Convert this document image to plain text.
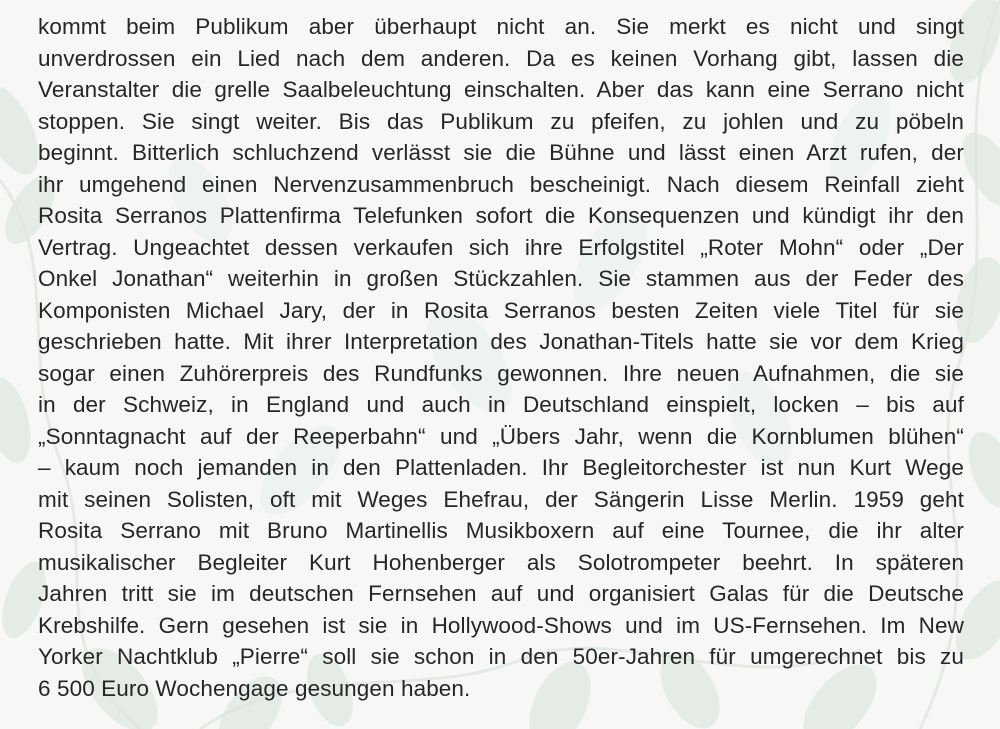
kommt beim Publikum aber überhaupt nicht an. Sie merkt es nicht und singt
unverdrossen ein Lied nach dem anderen. Da es keinen Vorhang gibt, lassen die
Veranstalter die grelle Saalbeleuchtung einschalten. Aber das kann eine Serrano nicht
stoppen. Sie singt weiter. Bis das Publikum zu pfeifen, zu johlen und zu pöbeln
beginnt. Bitterlich schluchzend verlässt sie die Bühne und lässt einen Arzt rufen, der
ihr umgehend einen Nervenzusammenbruch bescheinigt. Nach diesem Reinfall zieht
Rosita Serranos Plattenfirma Telefunken sofort die Konsequenzen und kündigt ihr den
Vertrag. Ungeachtet dessen verkaufen sich ihre Erfolgstitel „Roter Mohn“ oder „Der
Onkel Jonathan“ weiterhin in großen Stückzahlen. Sie stammen aus der Feder des
Komponisten Michael Jary, der in Rosita Serranos besten Zeiten viele Titel für sie
geschrieben hatte. Mit ihrer Interpretation des Jonathan-Titels hatte sie vor dem Krieg
sogar einen Zuhörerpreis des Rundfunks gewonnen. Ihre neuen Aufnahmen, die sie
in der Schweiz, in England und auch in Deutschland einspielt, locken – bis auf
„Sonntagnacht auf der Reeperbahn“ und „Übers Jahr, wenn die Kornblumen blühen“
– kaum noch jemanden in den Plattenladen. Ihr Begleitorchester ist nun Kurt Wege
mit seinen Solisten, oft mit Weges Ehefrau, der Sängerin Lisse Merlin. 1959 geht
Rosita Serrano mit Bruno Martinellis Musikboxern auf eine Tournee, die ihr alter
musikalischer Begleiter Kurt Hohenberger als Solotrompeter beehrt. In späteren
Jahren tritt sie im deutschen Fernsehen auf und organisiert Galas für die Deutsche
Krebshilfe. Gern gesehen ist sie in Hollywood-Shows und im US-Fernsehen. Im New
Yorker Nachtklub „Pierre“ soll sie schon in den 50er-Jahren für umgerechnet bis zu
6 500 Euro Wochengage gesungen haben.
